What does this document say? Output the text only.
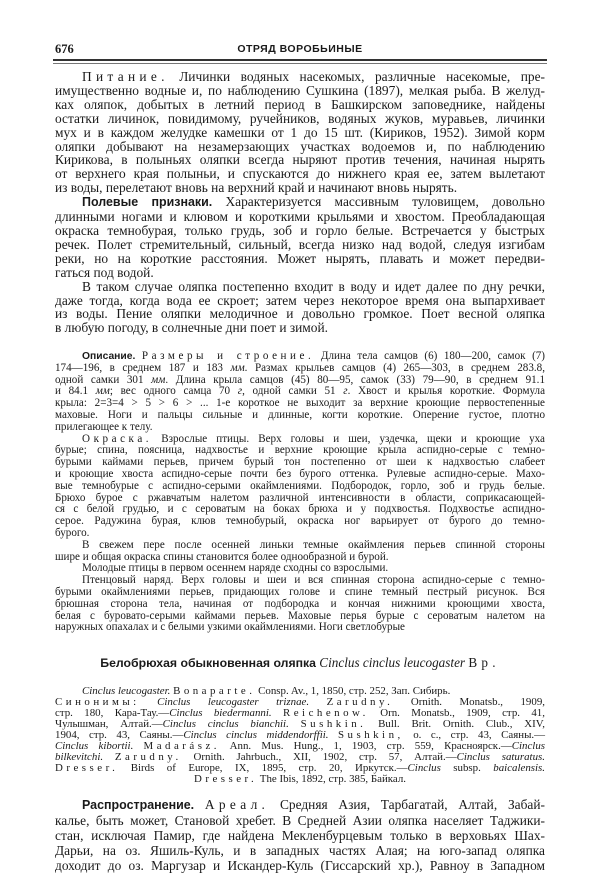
676	ОТРЯД ВОРОБЬИНЫЕ
Питание. Личинки водяных насекомых, различные насекомые, пре-
имущественно водные и, по наблюдению Сушкина (1897), мелкая рыба. В желуд-
ках оляпок, добытых в летний период в Башкирском заповеднике, найдены
остатки личинок, повидимому, ручейников, водяных жуков, муравьев, личинки
мух и в каждом желудке камешки от 1 до 15 шт. (Кириков, 1952). Зимой корм
оляпки добывают на незамерзающих участках водоемов и, по наблюдению
Кирикова, в полыньях оляпки всегда ныряют против течения, начиная нырять
от верхнего края полыньи, и спускаются до нижнего края ее, затем вылетают
из воды, перелетают вновь на верхний край и начинают вновь нырять.
Полевые признаки. Характеризуется массивным туловищем, довольно
длинными ногами и клювом и короткими крыльями и хвостом. Преобладающая
окраска темнобурая, только грудь, зоб и горло белые. Встречается у быстрых
речек. Полет стремительный, сильный, всегда низко над водой, следуя изгибам
реки, но на короткие расстояния. Может нырять, плавать и может передви-
гаться под водой.
В таком случае оляпка постепенно входит в воду и идет далее по дну речки,
даже тогда, когда вода ее скроет; затем через некоторое время она выпархивает
из воды. Пение оляпки мелодичное и довольно громкое. Поет весной оляпка
в любую погоду, в солнечные дни поет и зимой.
Описание. Размеры и строение. Длина тела самцов (6) 180—200, самок (7)
174—196, в среднем 187 и 183 мм. Размах крыльев самцов (4) 265—303, в среднем 283.8,
одной самки 301 мм. Длина крыла самцов (45) 80—95, самок (33) 79—90, в среднем 91.1
и 84.1 мм; вес одного самца 70 г, одной самки 51 г. Хвост и крылья короткие. Формула
крыла: 2=3=4 > 5 > 6 > ... 1-е короткое не выходит за верхние кроющие первостепенные
маховые. Ноги и пальцы сильные и длинные, когти короткие. Оперение густое, плотно
прилегающее к телу.
Окраска. Взрослые птицы. Верх головы и шеи, уздечка, щеки и кроющие уха
бурые; спина, поясница, надхвостье и верхние кроющие крыла аспидно-серые с темно-
бурыми каймами перьев, причем бурый тон постепенно от шеи к надхвостью слабеет
и кроющие хвоста аспидно-серые почти без бурого оттенка. Рулевые аспидно-серые. Махо-
вые темнобурые с аспидно-серыми окаймлениями. Подбородок, горло, зоб и грудь белые.
Брюхо бурое с ржавчатым налетом различной интенсивности в области, соприкасающей-
ся с белой грудью, и с сероватым на боках брюха и у подхвостья. Подхвостье аспидно-
серое. Радужина бурая, клюв темнобурый, окраска ног варьирует от бурого до темно-
бурого.
В свежем пере после осенней линьки темные окаймления перьев спинной стороны
шире и общая окраска спины становится более однообразной и бурой.
Молодые птицы в первом осеннем наряде сходны со взрослыми.
Птенцовый наряд. Верх головы и шеи и вся спинная сторона аспидно-серые с темно-
бурыми окаймлениями перьев, придающих голове и спине темный пестрый рисунок. Вся
брюшная сторона тела, начиная от подбородка и кончая нижними кроющими хвоста,
белая с буровато-серыми каймами перьев. Маховые перья бурые с сероватым налетом на
наружных опахалах и с белыми узкими окаймлениями. Ноги светлобурые
Белобрюхая обыкновенная оляпка Cinclus cinclus leucogaster Вр.
Cinclus leucogaster. Bonaparte. Consp. Av., 1, 1850, стр. 252, Зап. Сибирь.
Синонимы: Cinclus leucogaster triznae. Zarudny. Ornith. Monatsb., 1909,
стр. 180, Кара-Тау.—Cinclus biedermanni. Reichenow. Orn. Monatsb., 1909, стр. 41,
Чулышман, Алтай.—Cinclus cinclus bianchii. Sushkin. Bull. Brit. Ornith. Club., XIV,
1904, стр. 43, Саяны.—Cinclus cinclus middendorffii. Sushkin, o. c., стр. 43, Саяны.—
Cinclus kibortii. Madarász. Ann. Mus. Hung., 1, 1903, стр. 559, Красноярск.—Cinclus
bilkevitchi. Zarudny. Ornith. Jahrbuch., XII, 1902, стр. 57, Алтай.—Cinclus saturatus.
Dresser. Birds of Europe, IX, 1895, стр. 20, Иркутск.—Cinclus subsp. baicalensis.
Dresser. The Ibis, 1892, стр. 385, Байкал.
Распространение. Ареал. Средняя Азия, Тарбагатай, Алтай, Забай-
калье, быть может, Становой хребет. В Средней Азии оляпка населяет Таджики-
стан, исключая Памир, где найдена Мекленбурцевым только в верховьях Шах-
Дарьи, на оз. Яшиль-Куль, и в западных частях Алая; на юго-запад оляпка
доходит до оз. Маргузар и Искандер-Куль (Гиссарский хр.), Равноу в Западном
